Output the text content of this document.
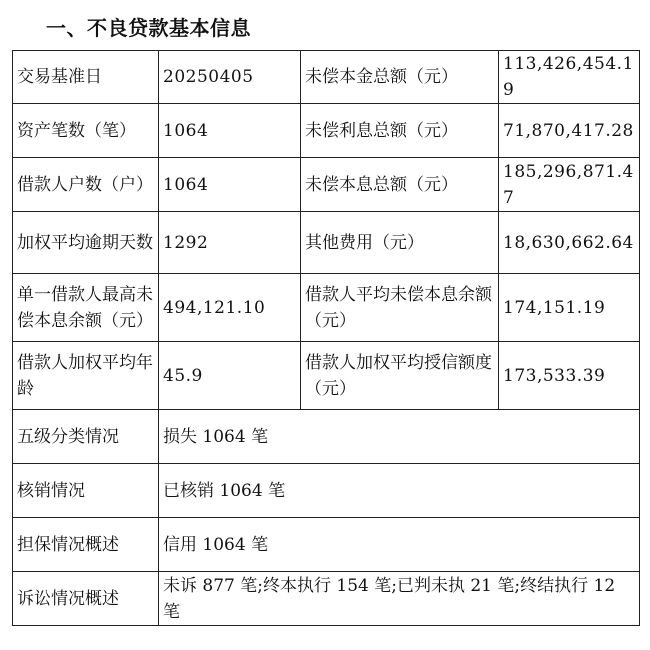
一、不良贷款基本信息
交易基准日	20250405	未偿本金总额（元）	113,426,454.19
资产笔数（笔）	1064	未偿利息总额（元）	71,870,417.28
借款人户数（户）	1064	未偿本息总额（元）	185,296,871.47
加权平均逾期天数	1292	其他费用（元）	18,630,662.64
单一借款人最高未偿本息余额（元）	494,121.10	借款人平均未偿本息余额（元）	174,151.19
借款人加权平均年龄	45.9	借款人加权平均授信额度（元）	173,533.39
五级分类情况	损失 1064 笔		
核销情况	已核销 1064 笔		
担保情况概述	信用 1064 笔		
诉讼情况概述	未诉 877 笔;终本执行 154 笔;已判未执 21 笔;终结执行 12 笔		
